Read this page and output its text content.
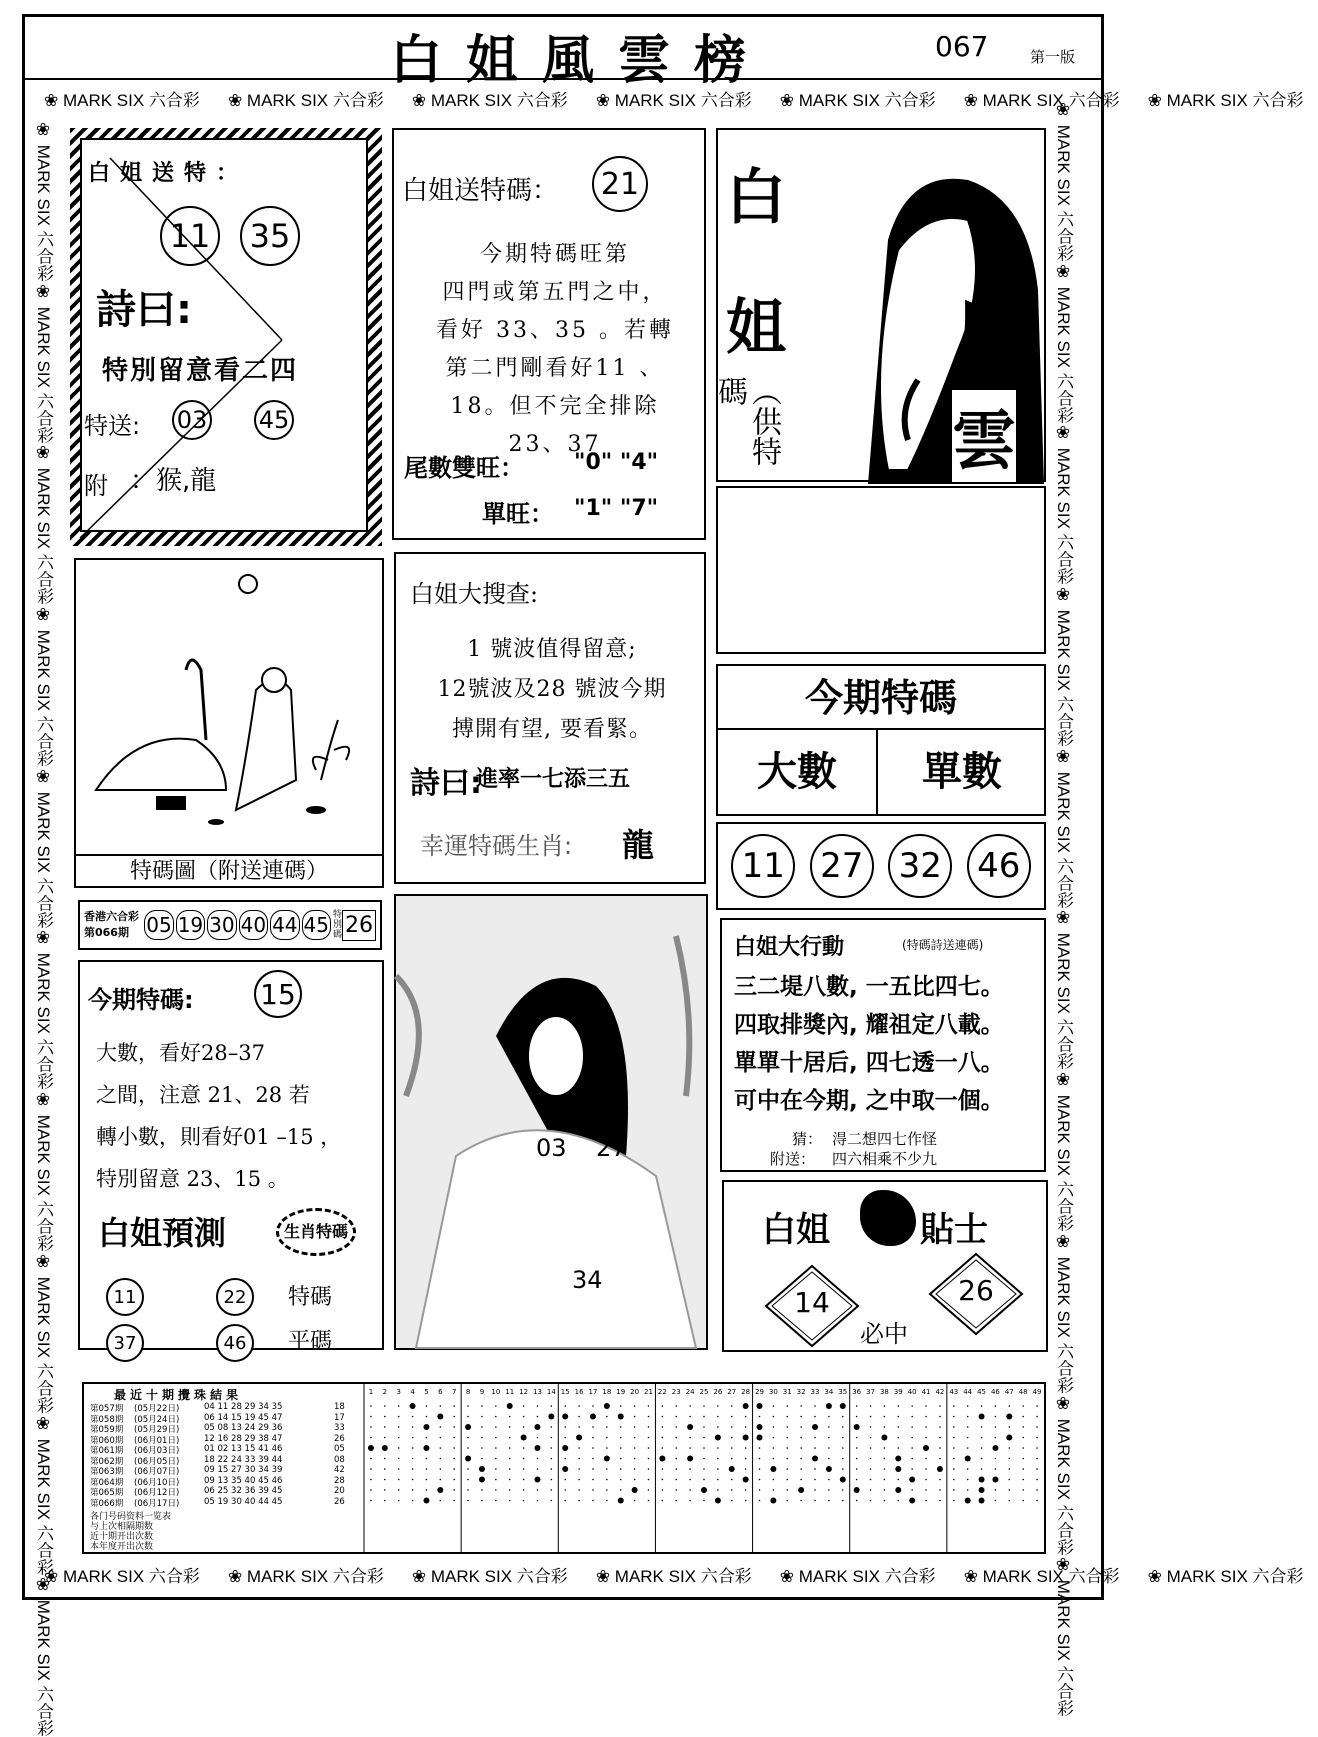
白姐風雲榜	067	第一版
❀ MARK SIX 六合彩 ❀ MARK SIX 六合彩 ❀ MARK SIX 六合彩 ❀ MARK SIX 六合彩 ❀ MARK SIX 六合彩 ❀ MARK SIX 六合彩 ❀ MARK SIX 六合彩
❀ MARK SIX 六合彩 ❀ MARK SIX 六合彩 ❀ MARK SIX 六合彩 ❀ MARK SIX 六合彩 ❀ MARK SIX 六合彩 ❀ MARK SIX 六合彩 ❀ MARK SIX 六合彩
❀ MARK SIX 六合彩❀ MARK SIX 六合彩❀ MARK SIX 六合彩❀ MARK SIX 六合彩❀ MARK SIX 六合彩❀ MARK SIX 六合彩❀ MARK SIX 六合彩❀ MARK SIX 六合彩❀ MARK SIX 六合彩❀ MARK SIX 六合彩
❀ MARK SIX 六合彩❀ MARK SIX 六合彩❀ MARK SIX 六合彩❀ MARK SIX 六合彩❀ MARK SIX 六合彩❀ MARK SIX 六合彩❀ MARK SIX 六合彩❀ MARK SIX 六合彩❀ MARK SIX 六合彩❀ MARK SIX 六合彩
白姐送特：
11	35
詩曰:
特別留意看二四
特送: 03 45
附 ：猴,龍
白姐送特碼： 21
今期特碼旺第
四門或第五門之中，
看好 33、35 。若轉
第二門剛看好11 、
18。但不完全排除
23、37
尾數雙旺： "0" "4"
單旺： "1" "7"
白
姐	風
雲
（供特碼
特碼圖（附送連碼）
白姐大搜查:
1 號波值得留意;
12號波及28 號波今期
搏開有望, 要看緊。
詩曰:
進率一七添三五
幸運特碼生肖: 龍
今期特碼
大數	單數
11	27	32	46
香港六合彩
第066期 05 19 30 40 44 45 特別碼 26
今期特碼: 15
大數，看好28–37
之間，注意 21、28 若
轉小數，則看好01 –15 ，
特別留意 23、15 。
白姐預測	生肖特碼
11	22
37	46
特碼
平碼
03 27
34
白姐大行動	(特碼詩送連碼)
三二堤八數, 一五比四七。
四取排獎內, 耀祖定八載。
單單十居后, 四七透一八。
可中在今期, 之中取一個。
猜： 淂二想四七作怪
附送： 四六相乘不少九
白姐	貼士
14	26
必中
最近十期攪珠結果
第057期	(05月22日)	04 11 28 29 34 35	18
第058期	(05月24日)	06 14 15 19 45 47	17
第059期	(05月29日)	05 08 13 24 29 36	33
第060期	(06月01日)	12 16 28 29 38 47	26
第061期	(06月03日)	01 02 13 15 41 46	05
第062期	(06月05日)	18 22 24 33 39 44	08
第063期	(06月07日)	09 15 27 30 34 39	42
第064期	(06月10日)	09 13 35 40 45 46	28
第065期	(06月12日)	06 25 32 36 39 45	20
第066期	(06月17日)	05 19 30 40 44 45	26
各门号码资料一览表
与上次相隔期数
近十期开出次数
本年度开出次数
1 2 3 4 5 6 7 8 9 10 11 12 13 14 15 16 17 18 19 20 21 22 23 24 25 26 27 28 29 30 31 32 33 34 35 36 37 38 39 40 41 42 43 44 45 46 47 48 49
